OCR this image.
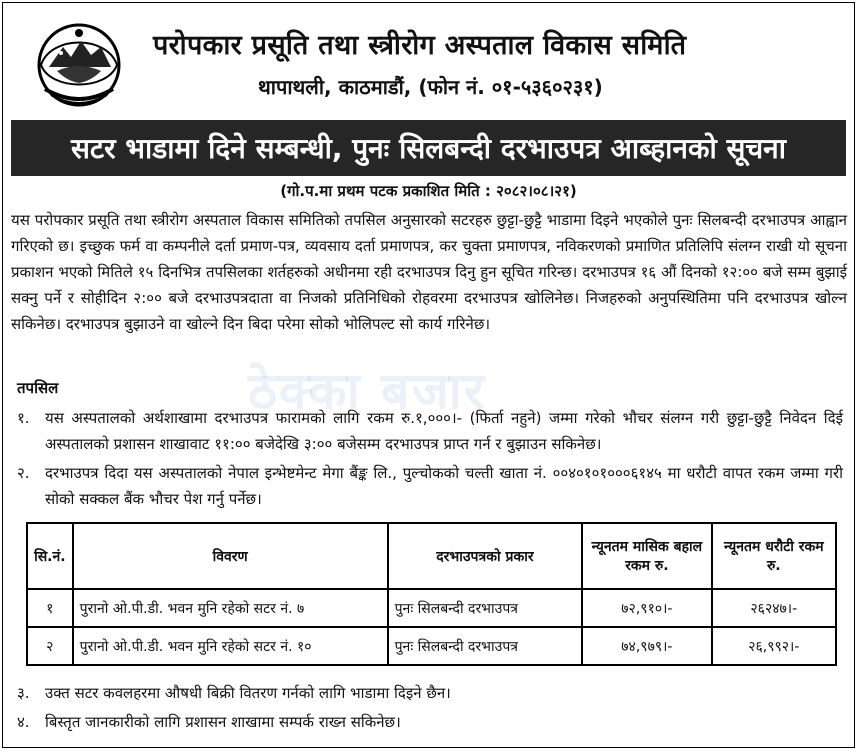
परोपकार प्रसूति तथा स्त्रीरोग अस्पताल विकास समिति
थापाथली, काठमाडौं, (फोन नं. ०१-५३६०२३१)
सटर भाडामा दिने सम्बन्धी, पुनः सिलबन्दी दरभाउपत्र आब्हानको सूचना
(गो.प.मा प्रथम पटक प्रकाशित मिति : २०८२।०८।२१)
यस परोपकार प्रसूति तथा स्त्रीरोग अस्पताल विकास समितिको तपसिल अनुसारको सटरहरु छुट्टा-छुट्टै भाडामा दिइने भएकोले पुनः सिलबन्दी दरभाउपत्र आह्वान गरिएको छ। इच्छुक फर्म वा कम्पनीले दर्ता प्रमाण-पत्र, व्यवसाय दर्ता प्रमाणपत्र, कर चुक्ता प्रमाणपत्र, नविकरणको प्रमाणित प्रतिलिपि संलग्न राखी यो सूचना प्रकाशन भएको मितिले १५ दिनभित्र तपसिलका शर्तहरुको अधीनमा रही दरभाउपत्र दिनु हुन सूचित गरिन्छ। दरभाउपत्र १६ औं दिनको १२:०० बजे सम्म बुझाई सक्नु पर्ने र सोहीदिन २:०० बजे दरभाउपत्रदाता वा निजको प्रतिनिधिको रोहवरमा दरभाउपत्र खोलिनेछ। निजहरुको अनुपस्थितिमा पनि दरभाउपत्र खोल्न सकिनेछ। दरभाउपत्र बुझाउने वा खोल्ने दिन बिदा परेमा सोको भोलिपल्ट सो कार्य गरिनेछ।
ठेक्का बजार
तपसिल
१.	यस अस्पतालको अर्थशाखामा दरभाउपत्र फारामको लागि रकम रु.१,०००।- (फिर्ता नहुने) जम्मा गरेको भौचर संलग्न गरी छुट्टा-छुट्टै निवेदन दिई अस्पतालको प्रशासन शाखावाट ११:०० बजेदेखि ३:०० बजेसम्म दरभाउपत्र प्राप्त गर्न र बुझाउन सकिनेछ।
२.	दरभाउपत्र दिदा यस अस्पतालको नेपाल इन्भेष्टमेन्ट मेगा बैंङ्क लि., पुल्चोकको चल्ती खाता नं. ००४०१०१०००६१४५ मा धरौटी वापत रकम जम्मा गरी सोको सक्कल बैंक भौचर पेश गर्नु पर्नेछ।
सि.नं.	विवरण	दरभाउपत्रको प्रकार	न्यूनतम मासिक बहाल रकम रु.	न्यूनतम धरौटी रकम रु.
१	पुरानो ओ.पी.डी. भवन मुनि रहेको सटर नं. ७	पुनः सिलबन्दी दरभाउपत्र	७२,९१०।-	२६२४७।-
२	पुरानो ओ.पी.डी. भवन मुनि रहेको सटर नं. १०	पुनः सिलबन्दी दरभाउपत्र	७४,९७९।-	२६,९९२।-
३.	उक्त सटर कवलहरमा औषधी बिक्री वितरण गर्नको लागि भाडामा दिइने छैन।
४.	बिस्तृत जानकारीको लागि प्रशासन शाखामा सम्पर्क राख्न सकिनेछ।
